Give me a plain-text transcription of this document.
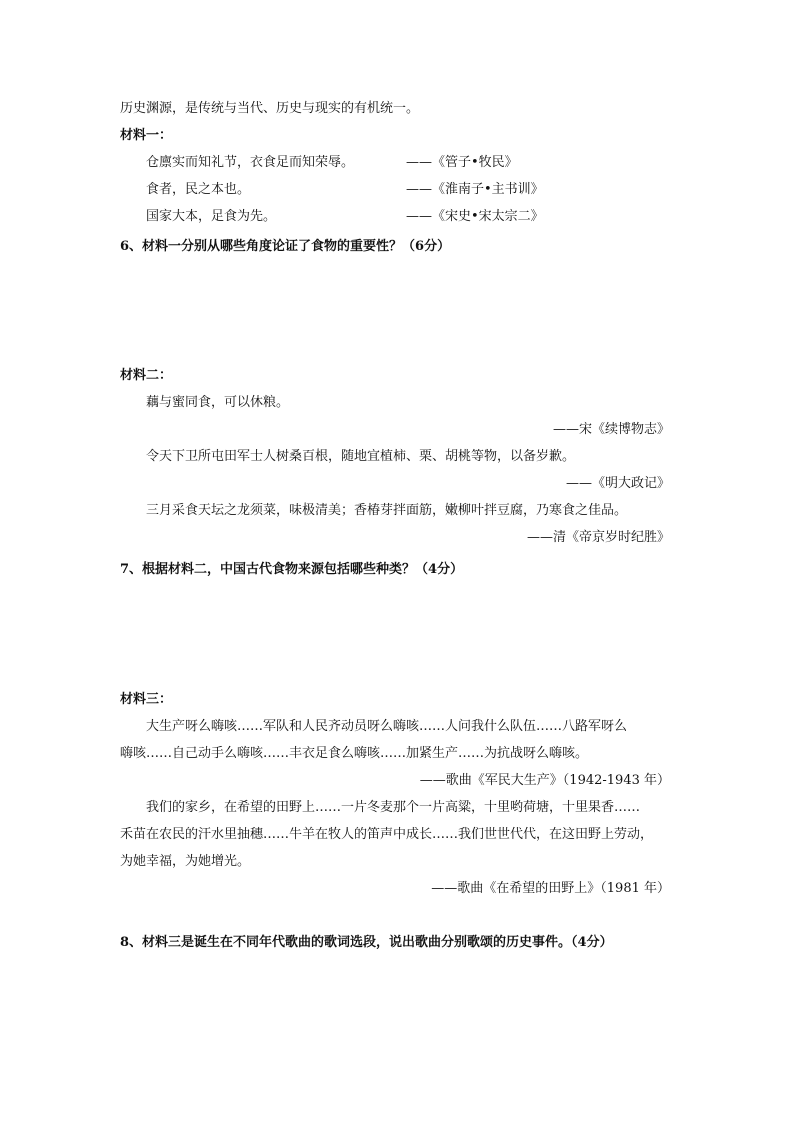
历史渊源，是传统与当代、历史与现实的有机统一。
材料一：
仓廪实而知礼节，衣食足而知荣辱。	——《管子•牧民》
食者，民之本也。	——《淮南子•主书训》
国家大本，足食为先。	——《宋史•宋太宗二》
6、材料一分别从哪些角度论证了食物的重要性？（6分）
材料二：
藕与蜜同食，可以休粮。
——宋《续博物志》
令天下卫所屯田军士人树桑百根，随地宜植柿、栗、胡桃等物，以备岁歉。
——《明大政记》
三月采食天坛之龙须菜，味极清美；香椿芽拌面筋，嫩柳叶拌豆腐，乃寒食之佳品。
——清《帝京岁时纪胜》
7、根据材料二，中国古代食物来源包括哪些种类？（4分）
材料三：
大生产呀么嗨咳……军队和人民齐动员呀么嗨咳……人问我什么队伍……八路军呀么
嗨咳……自己动手么嗨咳……丰衣足食么嗨咳……加紧生产……为抗战呀么嗨咳。
——歌曲《军民大生产》（1942-1943 年）
我们的家乡，在希望的田野上……一片冬麦那个一片高粱，十里哟荷塘，十里果香……
禾苗在农民的汗水里抽穗……牛羊在牧人的笛声中成长……我们世世代代，在这田野上劳动，
为她幸福，为她增光。
——歌曲《在希望的田野上》（1981 年）
8、材料三是诞生在不同年代歌曲的歌词选段，说出歌曲分别歌颂的历史事件。（4分）
